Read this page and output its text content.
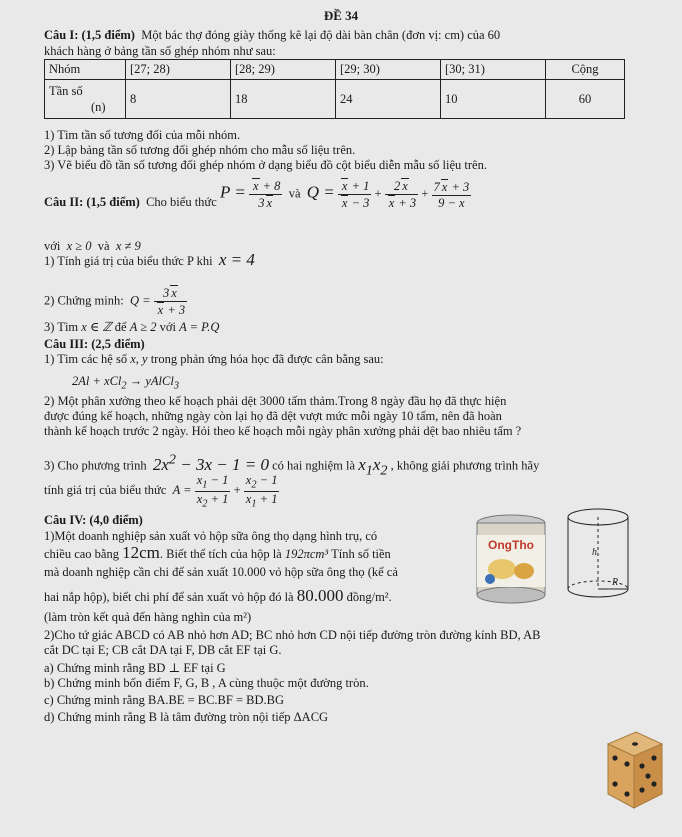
ĐỀ 34
Câu I: (1,5 điểm) Một bác thợ đóng giày thống kê lại độ dài bàn chân (đơn vị: cm) của 60
khách hàng ở bảng tần số ghép nhóm như sau:
Nhóm	[27; 28)	[28; 29)	[29; 30)	[30; 31)	Cộng

Tần số
(n)	8	18	24	10	60
1) Tìm tần số tương đối của mỗi nhóm.
2) Lập bảng tần số tương đối ghép nhóm cho mẫu số liệu trên.
3) Vẽ biểu đồ tần số tương đối ghép nhóm ở dạng biểu đồ cột biểu diễn mẫu số liệu trên.
Câu II: (1,5 điểm) Cho biểu thức
$P = \frac{x + 8}{3 x}$ và $Q = \frac{x + 1}{x - 3} + \frac{2 x}{x + 3} + \frac{7 x + 3}{9 - x}$
với x ≥ 0 và x ≠ 9
1) Tính giá trị của biểu thức P khi x = 4
2) Chứng minh: $Q = \frac{3 x}{x + 3}$
3) Tìm x ∈ ℤ để A ≥ 2 với A = P.Q
Câu III: (2,5 điểm)
1) Tìm các hệ số x, y trong phản ứng hóa học đã được cân bằng sau:
2Al + xCl$_2$ → yAlCl$_3$
2) Một phân xưởng theo kế hoạch phải dệt 3000 tấm thảm.Trong 8 ngày đầu họ đã thực hiện
được đúng kế hoạch, những ngày còn lại họ đã dệt vượt mức mỗi ngày 10 tấm, nên đã hoàn
thành kế hoạch trước 2 ngày. Hỏi theo kế hoạch mỗi ngày phân xưởng phải dệt bao nhiêu tấm ?
3) Cho phương trình $2x^2 - 3x - 1 = 0$ có hai nghiệm là $x_1x_2$ , không giải phương trình hãy
tính giá trị của biểu thức $A = \frac{x_1 - 1}{x_2 + 1} + \frac{x_2 - 1}{x_1 + 1}$
Câu IV: (4,0 điểm)
1)Một doanh nghiệp sản xuất vỏ hộp sữa ông thọ dạng hình trụ, có
chiều cao bằng 12cm. Biết thể tích của hộp là 192πcm³ Tính số tiền
mà doanh nghiệp cần chi để sản xuất 10.000 vỏ hộp sữa ông thọ (kể cả
hai nắp hộp), biết chi phí để sản xuất vỏ hộp đó là 80.000 đồng/m².
(làm tròn kết quả đến hàng nghìn của m²)
2)Cho tứ giác ABCD có AB nhỏ hơn AD; BC nhỏ hơn CD nội tiếp đường tròn đường kính BD, AB
cắt DC tại E; CB cắt DA tại F, DB cắt EF tại G.
a) Chứng minh rằng BD ⊥ EF tại G
b) Chứng minh bốn điểm F, G, B , A cùng thuộc một đường tròn.
c) Chứng minh rằng BA.BE = BC.BF = BD.BG
d) Chứng minh rằng B là tâm đường tròn nội tiếp ΔACG
OngTho
h
R
